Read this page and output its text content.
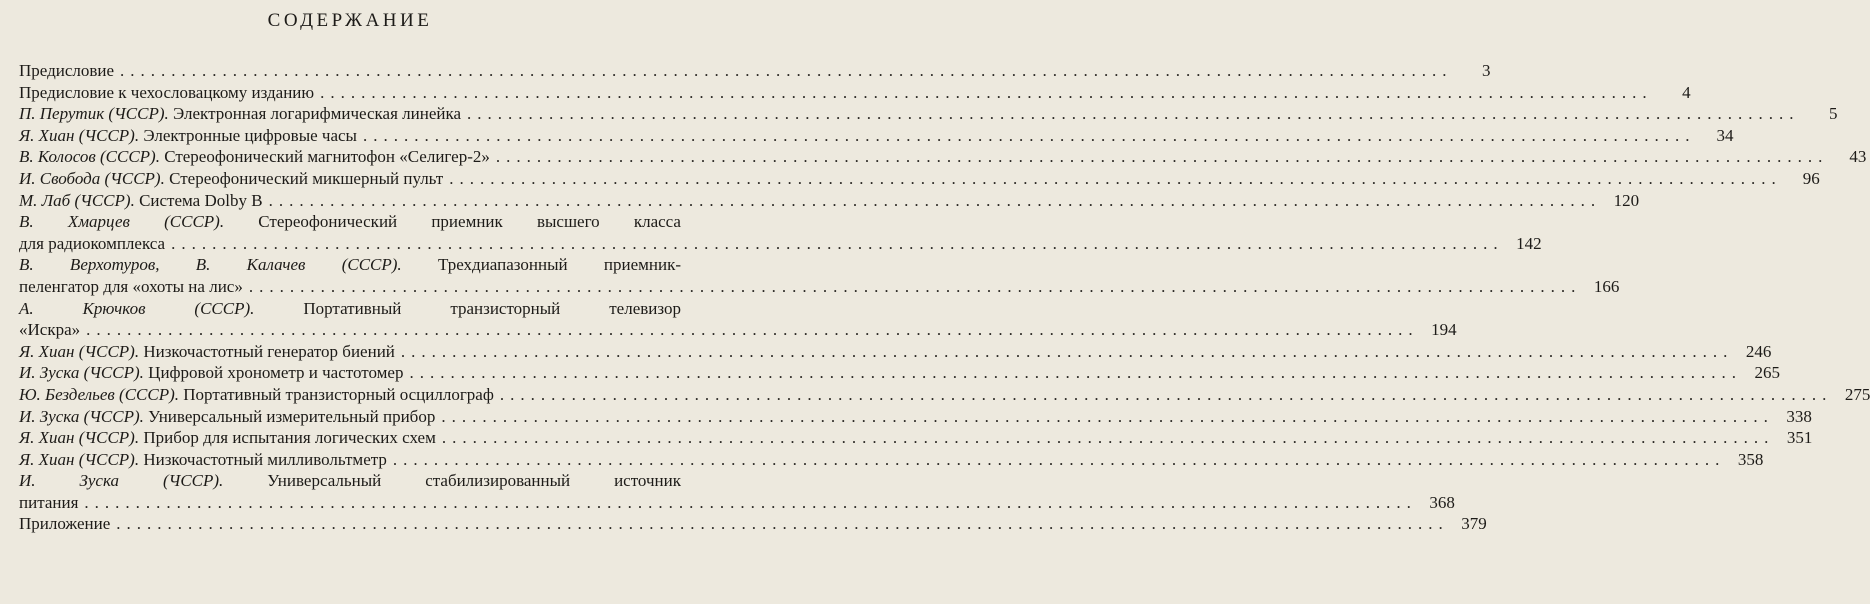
СОДЕРЖАНИЕ
Предисловие ..................................................................................................................................	3
Предисловие к чехословацкому изданию ..................................................................................................................................	4
П. Перутик (ЧССР). Электронная логарифмическая линейка ..................................................................................................................................	5
Я. Хиан (ЧССР). Электронные цифровые часы ..................................................................................................................................	34
В. Колосов (СССР). Стереофонический магнитофон «Селигер-2» ..................................................................................................................................	43
И. Свобода (ЧССР). Стереофонический микшерный пульт ..................................................................................................................................	96
М. Лаб (ЧССР). Система Dolby B .................................................................................................................................. 120
В. Хмарцев (СССР). Стереофонический приемник высшего класса
для радиокомплекса .................................................................................................................................. 142
В. Верхотуров, В. Калачев (СССР). Трехдиапазонный приемник-
пеленгатор для «охоты на лис» .................................................................................................................................. 166
А. Крючков (СССР). Портативный транзисторный телевизор
«Искра» .................................................................................................................................. 194
Я. Хиан (ЧССР). Низкочастотный генератор биений .................................................................................................................................. 246
И. Зуска (ЧССР). Цифровой хронометр и частотомер .................................................................................................................................. 265
Ю. Бездельев (СССР). Портативный транзисторный осциллограф .................................................................................................................................. 275
И. Зуска (ЧССР). Универсальный измерительный прибор .................................................................................................................................. 338
Я. Хиан (ЧССР). Прибор для испытания логических схем .................................................................................................................................. 351
Я. Хиан (ЧССР). Низкочастотный милливольтметр .................................................................................................................................. 358
И. Зуска (ЧССР). Универсальный стабилизированный источник
питания .................................................................................................................................. 368
Приложение .................................................................................................................................. 379
